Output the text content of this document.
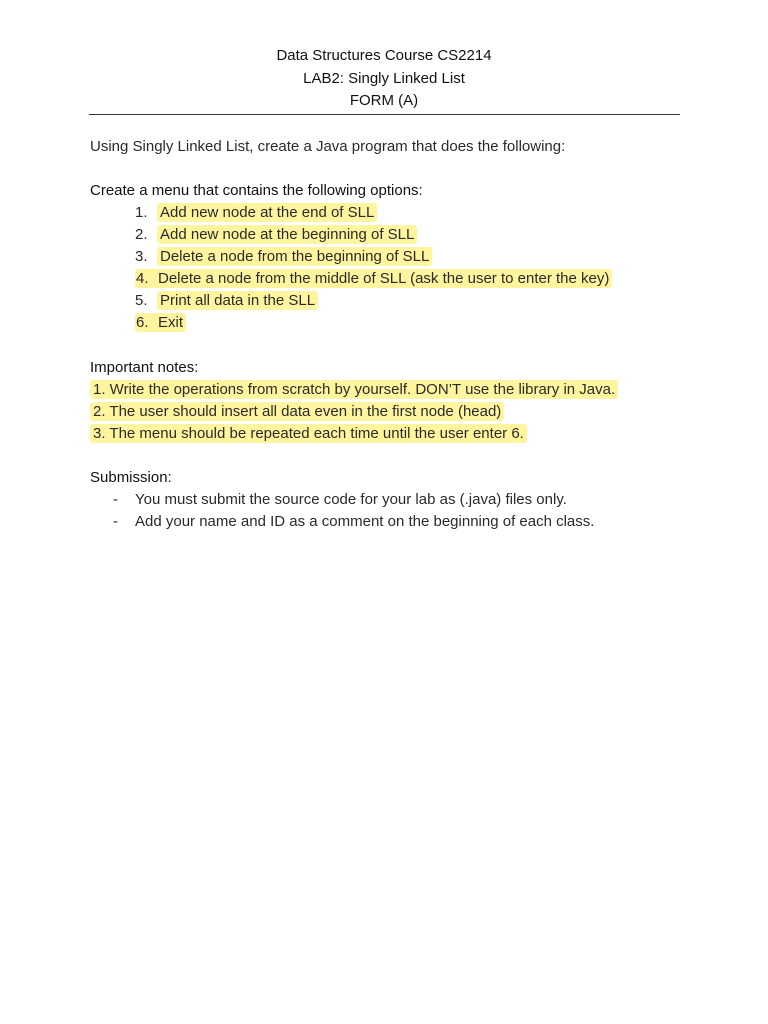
Data Structures Course CS2214
LAB2: Singly Linked List
FORM (A)
Using Singly Linked List, create a Java program that does the following:
Create a menu that contains the following options:
1. Add new node at the end of SLL
2. Add new node at the beginning of SLL
3. Delete a node from the beginning of SLL
4. Delete a node from the middle of SLL (ask the user to enter the key)
5. Print all data in the SLL
6. Exit
Important notes:
1. Write the operations from scratch by yourself. DON’T use the library in Java.
2. The user should insert all data even in the first node (head)
3. The menu should be repeated each time until the user enter 6.
Submission:
- You must submit the source code for your lab as (.java) files only.
- Add your name and ID as a comment on the beginning of each class.
